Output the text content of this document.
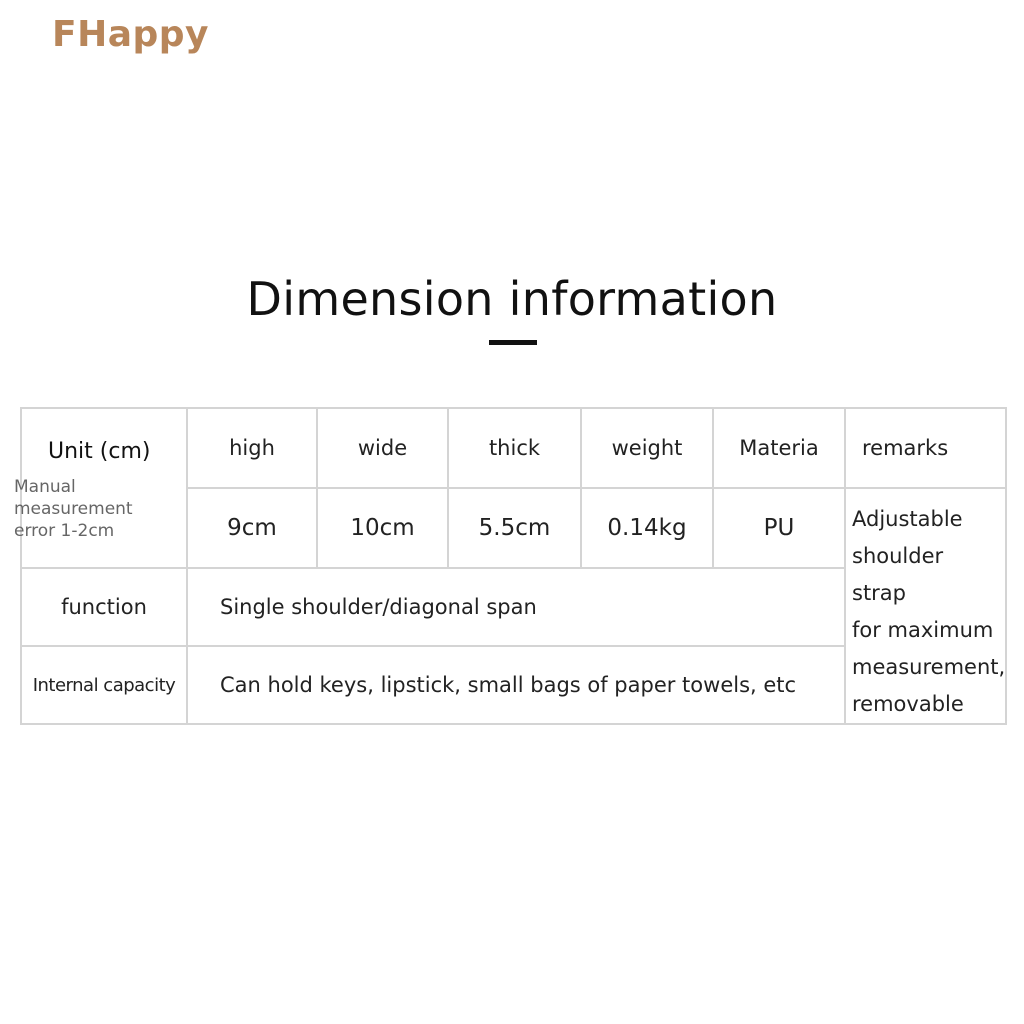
FHappy
Dimension information
Unit (cm)	high	wide	thick	weight	Materia	remarks
	9cm	10cm	5.5cm	0.14kg	PU	Adjustable
shoulder strap
for maximum
measurement,
removable
function	Single shoulder/diagonal span					
Internal capacity	Can hold keys, lipstick, small bags of paper towels, etc					
Manual
measurement
error 1-2cm
